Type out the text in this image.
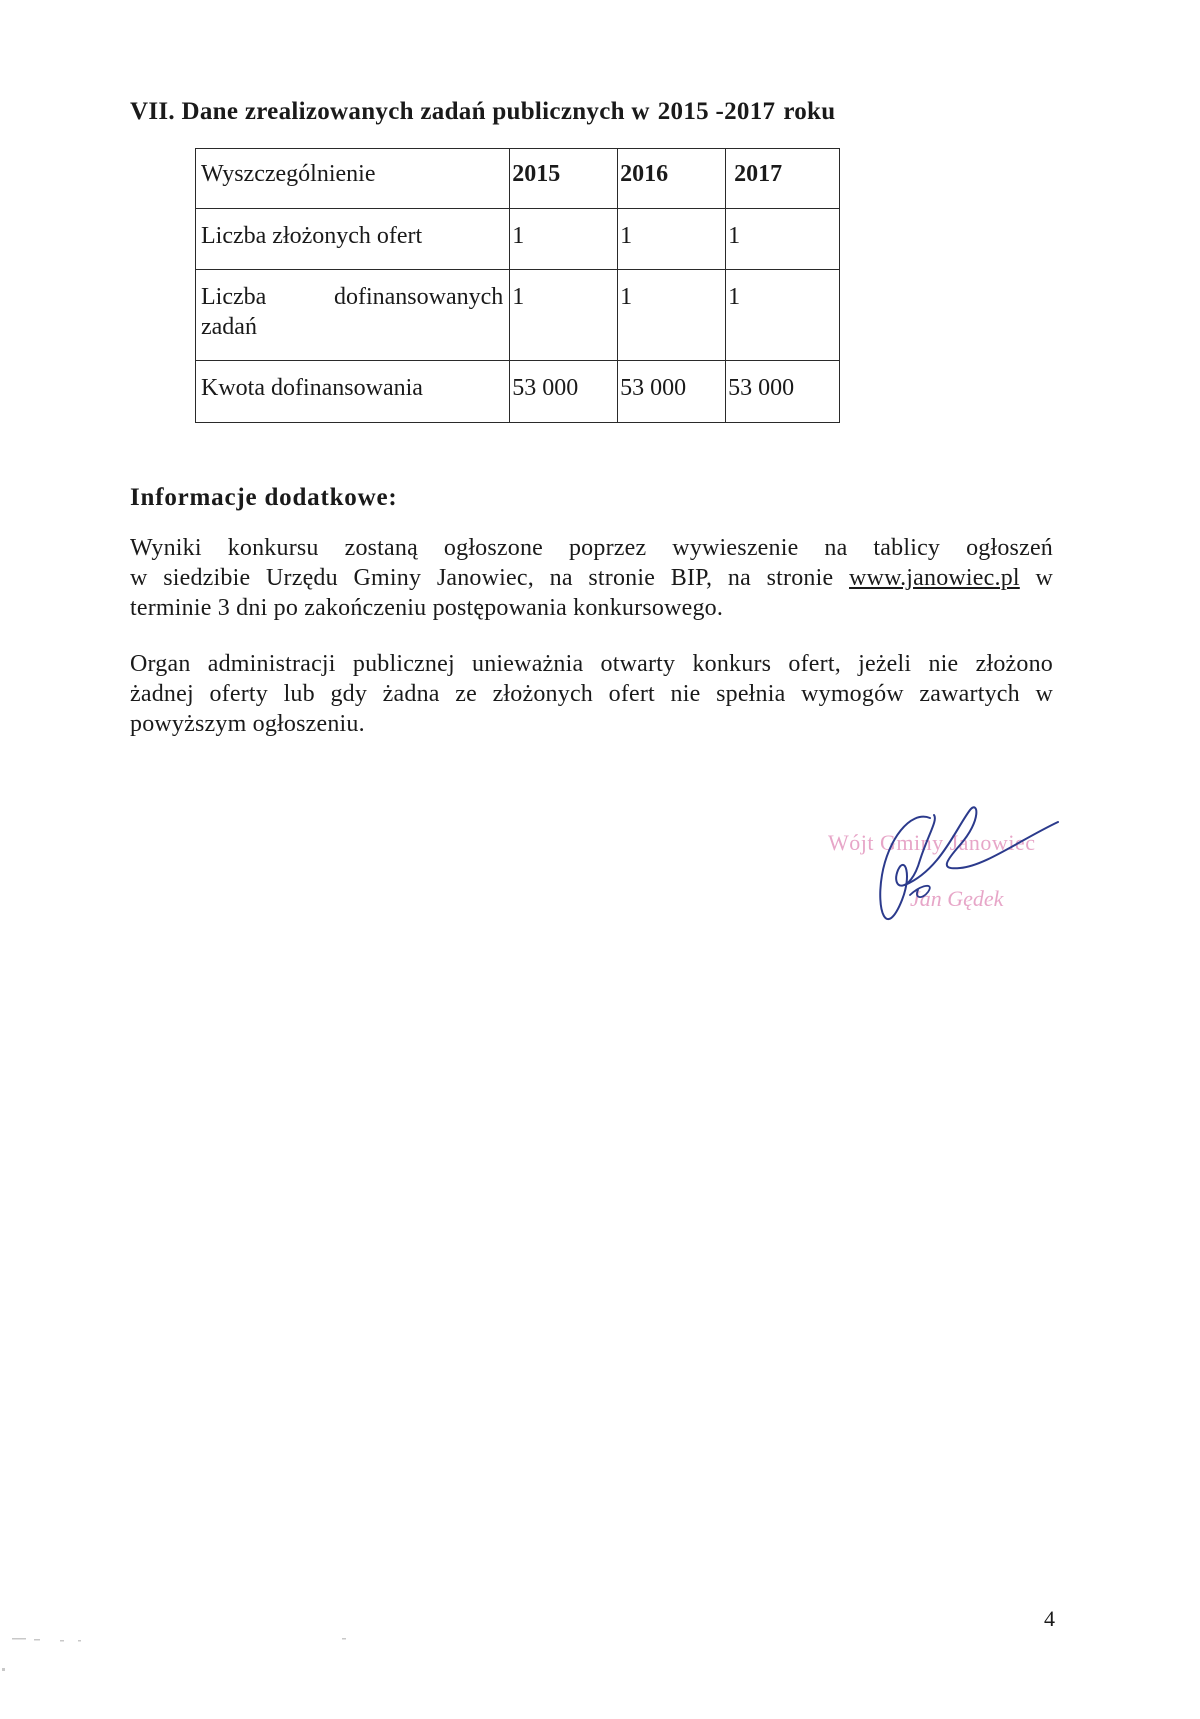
VII. Dane zrealizowanych zadań publicznych w 2015 -2017 roku
Wyszczególnienie	2015	2016	2017
Liczba złożonych ofert	1	1	1

Liczba dofinansowanych
zadań	1	1	1
Kwota dofinansowania	53 000	53 000	53 000
Informacje dodatkowe:
Wyniki konkursu zostaną ogłoszone poprzez wywieszenie na tablicy ogłoszeń
w siedzibie Urzędu Gminy Janowiec, na stronie BIP, na stronie www.janowiec.pl w
terminie 3 dni po zakończeniu postępowania konkursowego.
Organ administracji publicznej unieważnia otwarty konkurs ofert, jeżeli nie złożono
żadnej oferty lub gdy żadna ze złożonych ofert nie spełnia wymogów zawartych w
powyższym ogłoszeniu.
Wójt Gminy Janowiec
Jan Gędek
4
